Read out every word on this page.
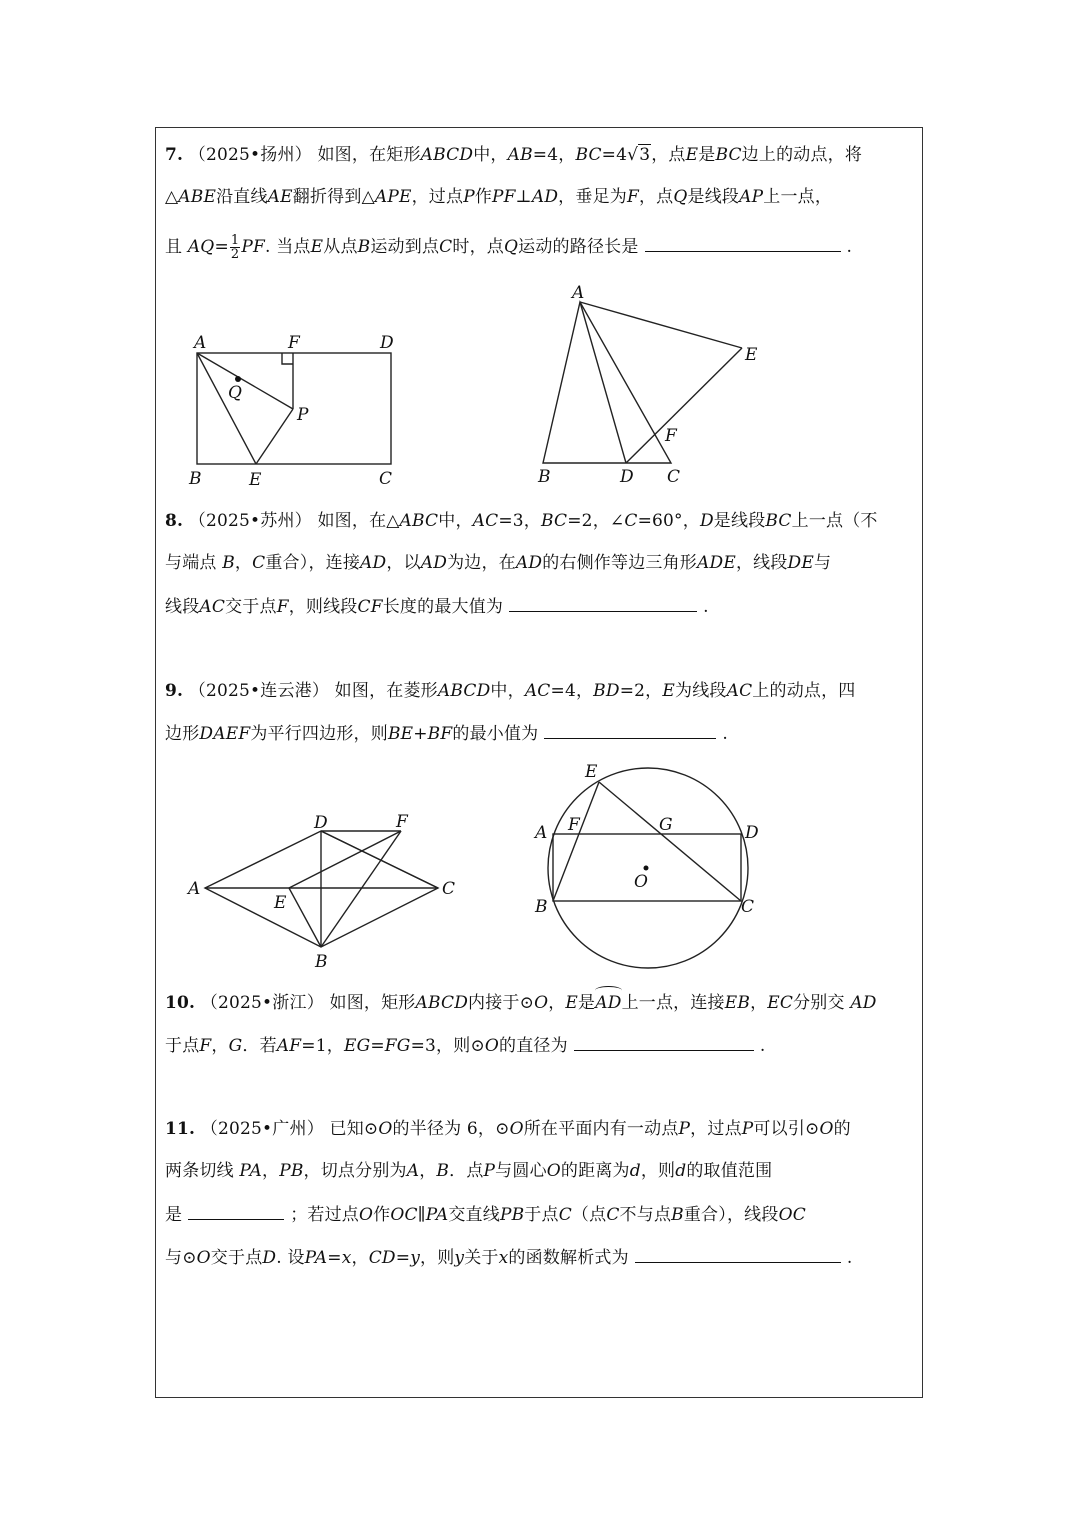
7. （2025•扬州） 如图，在矩形ABCD中，AB=4，BC=4√3，点E是BC边上的动点，将
△ABE沿直线AE翻折得到△APE，过点P作PF⊥AD，垂足为F，点Q是线段AP上一点，
且 $AQ= \frac{1}{2}$ PF. 当点E从点B运动到点C时，点Q运动的路径长是	.
A	F	D
Q
P
B	E	C
A
E
F
B	D C
8. （2025•苏州） 如图，在△ABC中，AC=3，BC=2，∠C=60°，D是线段BC上一点（不
与端点 B，C重合），连接AD，以AD为边，在AD的右侧作等边三角形ADE，线段DE与
线段AC交于点F，则线段CF长度的最大值为	.
9. （2025•连云港） 如图，在菱形ABCD中，AC=4，BD=2，E为线段AC上的动点，四
边形DAEF为平行四边形，则BE+BF的最小值为	.
D	F
A
E
C
B
E
A F	G	D
O
B	C
10. （2025•浙江） 如图，矩形ABCD内接于⊙O，E是AD上一点，连接EB，EC分别交 AD
于点F，G．若AF=1，EG=FG=3，则⊙O的直径为	.
11. （2025•广州） 已知⊙O的半径为 6，⊙O所在平面内有一动点P，过点P可以引⊙O的
两条切线 PA，PB，切点分别为A，B．点P与圆心O的距离为d，则d的取值范围
是	；若过点O作OC∥PA交直线PB于点C（点C不与点B重合），线段OC
与⊙O交于点D. 设PA=x，CD=y，则y关于x的函数解析式为	.
